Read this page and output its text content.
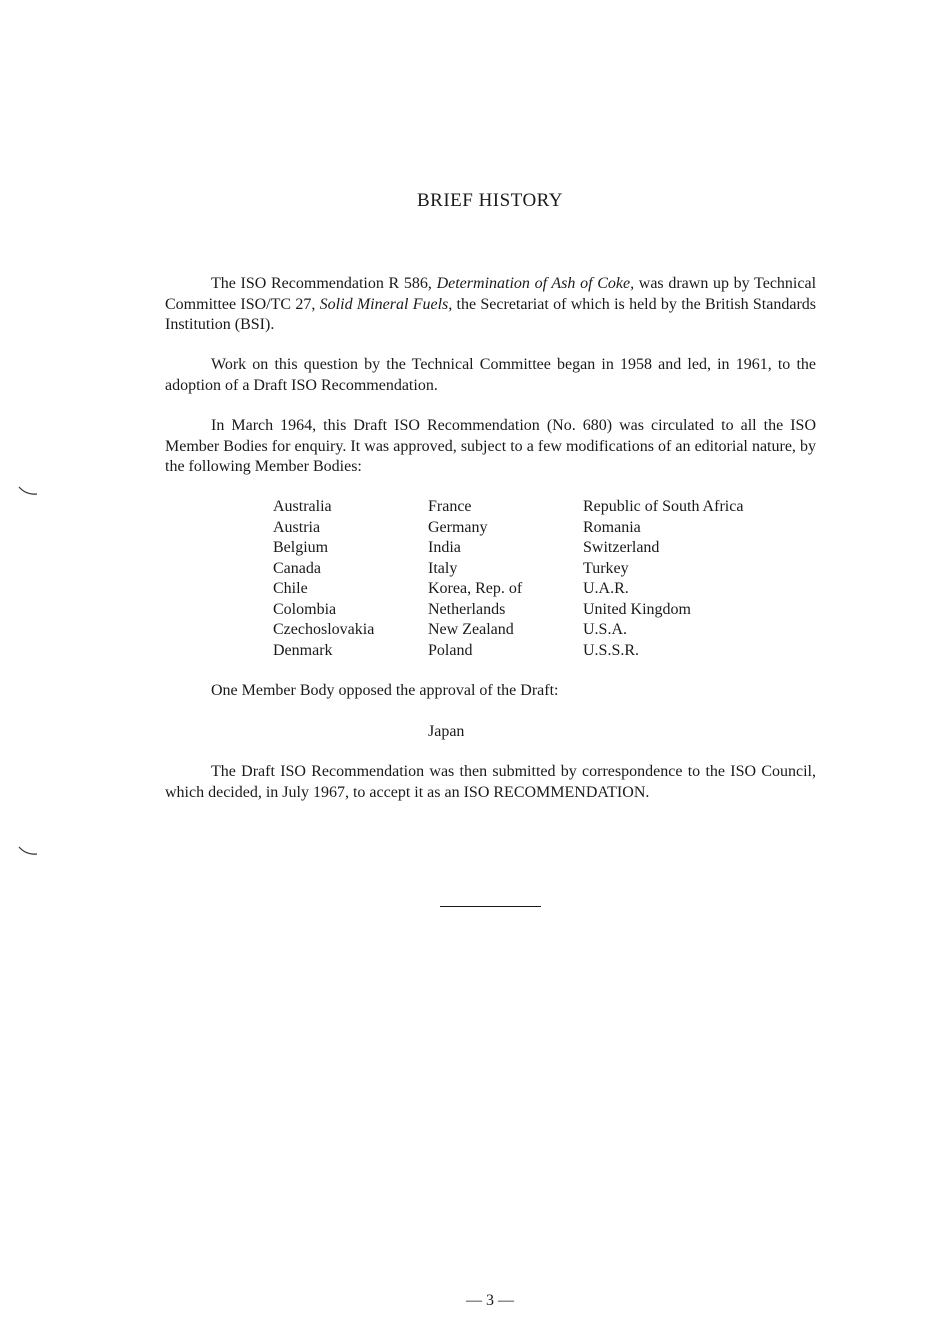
BRIEF HISTORY

The ISO Recommendation R 586, Determination of Ash of Coke, was drawn up by Technical Committee ISO/TC 27, Solid Mineral Fuels, the Secretariat of which is held by the British Standards Institution (BSI).

Work on this question by the Technical Committee began in 1958 and led, in 1961, to the adoption of a Draft ISO Recommendation.

In March 1964, this Draft ISO Recommendation (No. 680) was circulated to all the ISO Member Bodies for enquiry. It was approved, subject to a few modifications of an editorial nature, by the following Member Bodies:

Australia
Austria
Belgium
Canada
Chile
Colombia
Czechoslovakia
Denmark
France
Germany
India
Italy
Korea, Rep. of
Netherlands
New Zealand
Poland
Republic of South Africa
Romania
Switzerland
Turkey
U.A.R.
United Kingdom
U.S.A.
U.S.S.R.
One Member Body opposed the approval of the Draft:
Japan

The Draft ISO Recommendation was then submitted by correspondence to the ISO Council, which decided, in July 1967, to accept it as an ISO RECOMMENDATION.

— 3 —
